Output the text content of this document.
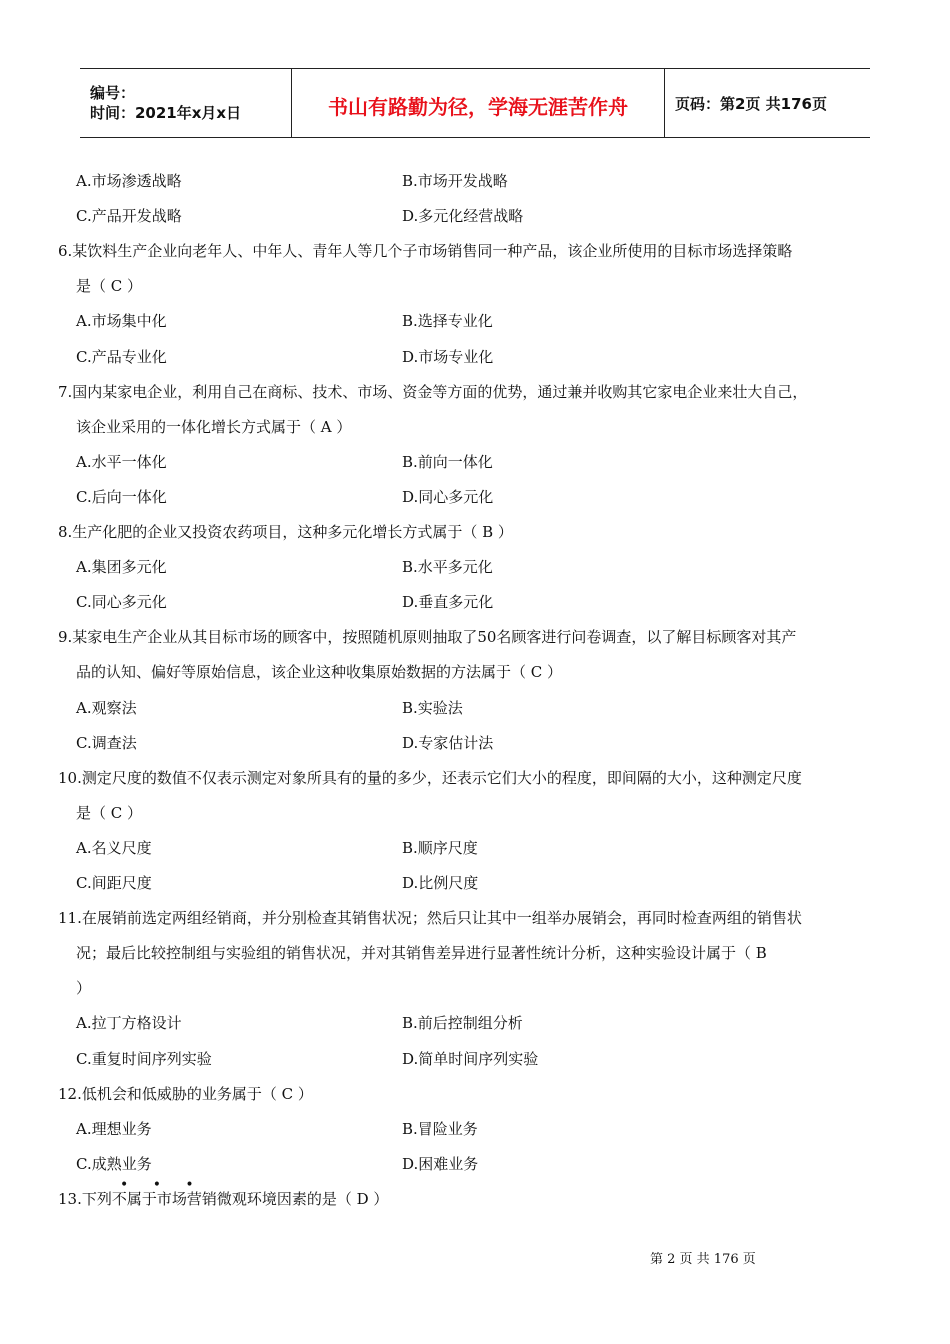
编号：
时间：2021年x月x日	书山有路勤为径，学海无涯苦作舟	页码：第2页 共176页
A.市场渗透战略	B.市场开发战略
C.产品开发战略	D.多元化经营战略
6.某饮料生产企业向老年人、中年人、青年人等几个子市场销售同一种产品，该企业所使用的目标市场选择策略
是（ C ）
A.市场集中化	B.选择专业化
C.产品专业化	D.市场专业化
7.国内某家电企业，利用自己在商标、技术、市场、资金等方面的优势，通过兼并收购其它家电企业来壮大自己，
该企业采用的一体化增长方式属于（ A ）
A.水平一体化	B.前向一体化
C.后向一体化	D.同心多元化
8.生产化肥的企业又投资农药项目，这种多元化增长方式属于（ B ）
A.集团多元化	B.水平多元化
C.同心多元化	D.垂直多元化
9.某家电生产企业从其目标市场的顾客中，按照随机原则抽取了50名顾客进行问卷调查，以了解目标顾客对其产
品的认知、偏好等原始信息，该企业这种收集原始数据的方法属于（ C ）
A.观察法	B.实验法
C.调查法	D.专家估计法
10.测定尺度的数值不仅表示测定对象所具有的量的多少，还表示它们大小的程度，即间隔的大小，这种测定尺度
是（ C ）
A.名义尺度	B.顺序尺度
C.间距尺度	D.比例尺度
11.在展销前选定两组经销商，并分别检查其销售状况；然后只让其中一组举办展销会，再同时检查两组的销售状
况；最后比较控制组与实验组的销售状况，并对其销售差异进行显著性统计分析，这种实验设计属于（ B
）
A.拉丁方格设计	B.前后控制组分析
C.重复时间序列实验	D.简单时间序列实验
12.低机会和低威胁的业务属于（ C ）
A.理想业务	B.冒险业务
C.成熟业务	D.困难业务
13.下列不属于市场营销微观环境因素的是（ D ）
• • •
第 2 页 共 176 页
